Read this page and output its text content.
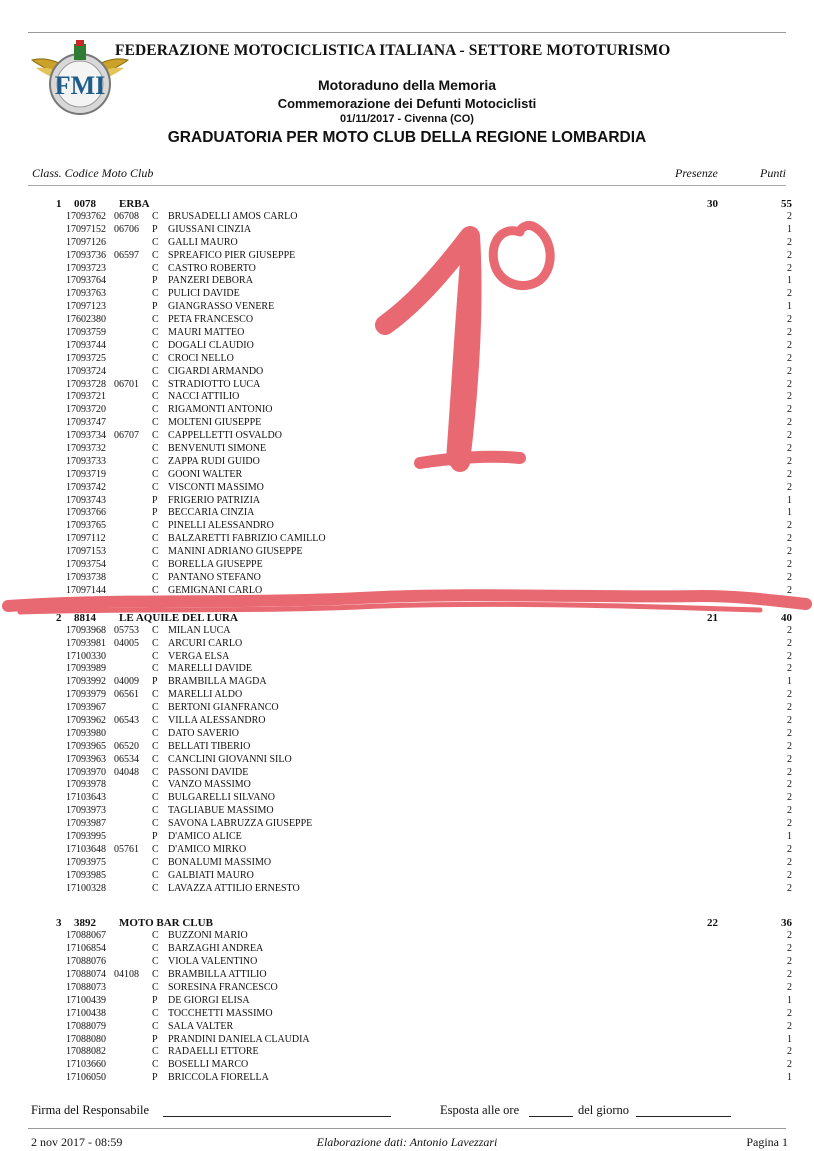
FMI
FEDERAZIONE MOTOCICLISTICA ITALIANA - SETTORE MOTOTURISMO
Motoraduno della Memoria
Commemorazione dei Defunti Motociclisti
01/11/2017 - Civenna (CO)
GRADUATORIA PER MOTO CLUB DELLA REGIONE LOMBARDIA
Class. Codice Moto Club	Presenze	Punti
1 0078 ERBA	30	55
17093762 06708 C BRUSADELLI AMOS CARLO	2
17097152 06706 P GIUSSANI CINZIA	1
17097126	C GALLI MAURO	2
17093736 06597 C SPREAFICO PIER GIUSEPPE	2
17093723	C CASTRO ROBERTO	2
17093764	P PANZERI DEBORA	1
17093763	C PULICI DAVIDE	2
17097123	P GIANGRASSO VENERE	1
17602380	C PETA FRANCESCO	2
17093759	C MAURI MATTEO	2
17093744	C DOGALI CLAUDIO	2
17093725	C CROCI NELLO	2
17093724	C CIGARDI ARMANDO	2
17093728 06701 C STRADIOTTO LUCA	2
17093721	C NACCI ATTILIO	2
17093720	C RIGAMONTI ANTONIO	2
17093747	C MOLTENI GIUSEPPE	2
17093734 06707 C CAPPELLETTI OSVALDO	2
17093732	C BENVENUTI SIMONE	2
17093733	C ZAPPA RUDI GUIDO	2
17093719	C GOONI WALTER	2
17093742	C VISCONTI MASSIMO	2
17093743	P FRIGERIO PATRIZIA	1
17093766	P BECCARIA CINZIA	1
17093765	C PINELLI ALESSANDRO	2
17097112	C BALZARETTI FABRIZIO CAMILLO	2
17097153	C MANINI ADRIANO GIUSEPPE	2
17093754	C BORELLA GIUSEPPE	2
17093738	C PANTANO STEFANO	2
17097144	C GEMIGNANI CARLO	2
2 8814 LE AQUILE DEL LURA	21	40
17093968 05753 C MILAN LUCA	2
17093981 04005 C ARCURI CARLO	2
17100330	C VERGA ELSA	2
17093989	C MARELLI DAVIDE	2
17093992 04009 P BRAMBILLA MAGDA	1
17093979 06561 C MARELLI ALDO	2
17093967	C BERTONI GIANFRANCO	2
17093962 06543 C VILLA ALESSANDRO	2
17093980	C DATO SAVERIO	2
17093965 06520 C BELLATI TIBERIO	2
17093963 06534 C CANCLINI GIOVANNI SILO	2
17093970 04048 C PASSONI DAVIDE	2
17093978	C VANZO MASSIMO	2
17103643	C BULGARELLI SILVANO	2
17093973	C TAGLIABUE MASSIMO	2
17093987	C SAVONA LABRUZZA GIUSEPPE	2
17093995	P D'AMICO ALICE	1
17103648 05761 C D'AMICO MIRKO	2
17093975	C BONALUMI MASSIMO	2
17093985	C GALBIATI MAURO	2
17100328	C LAVAZZA ATTILIO ERNESTO	2
3 3892 MOTO BAR CLUB	22	36
17088067	C BUZZONI MARIO	2
17106854	C BARZAGHI ANDREA	2
17088076	C VIOLA VALENTINO	2
17088074 04108 C BRAMBILLA ATTILIO	2
17088073	C SORESINA FRANCESCO	2
17100439	P DE GIORGI ELISA	1
17100438	C TOCCHETTI MASSIMO	2
17088079	C SALA VALTER	2
17088080	P PRANDINI DANIELA CLAUDIA	1
17088082	C RADAELLI ETTORE	2
17103660	C BOSELLI MARCO	2
17106050	P BRICCOLA FIORELLA	1
Firma del Responsabile	Esposta alle ore	del giorno
2 nov 2017 - 08:59	Elaborazione dati: Antonio Lavezzari	Pagina 1
